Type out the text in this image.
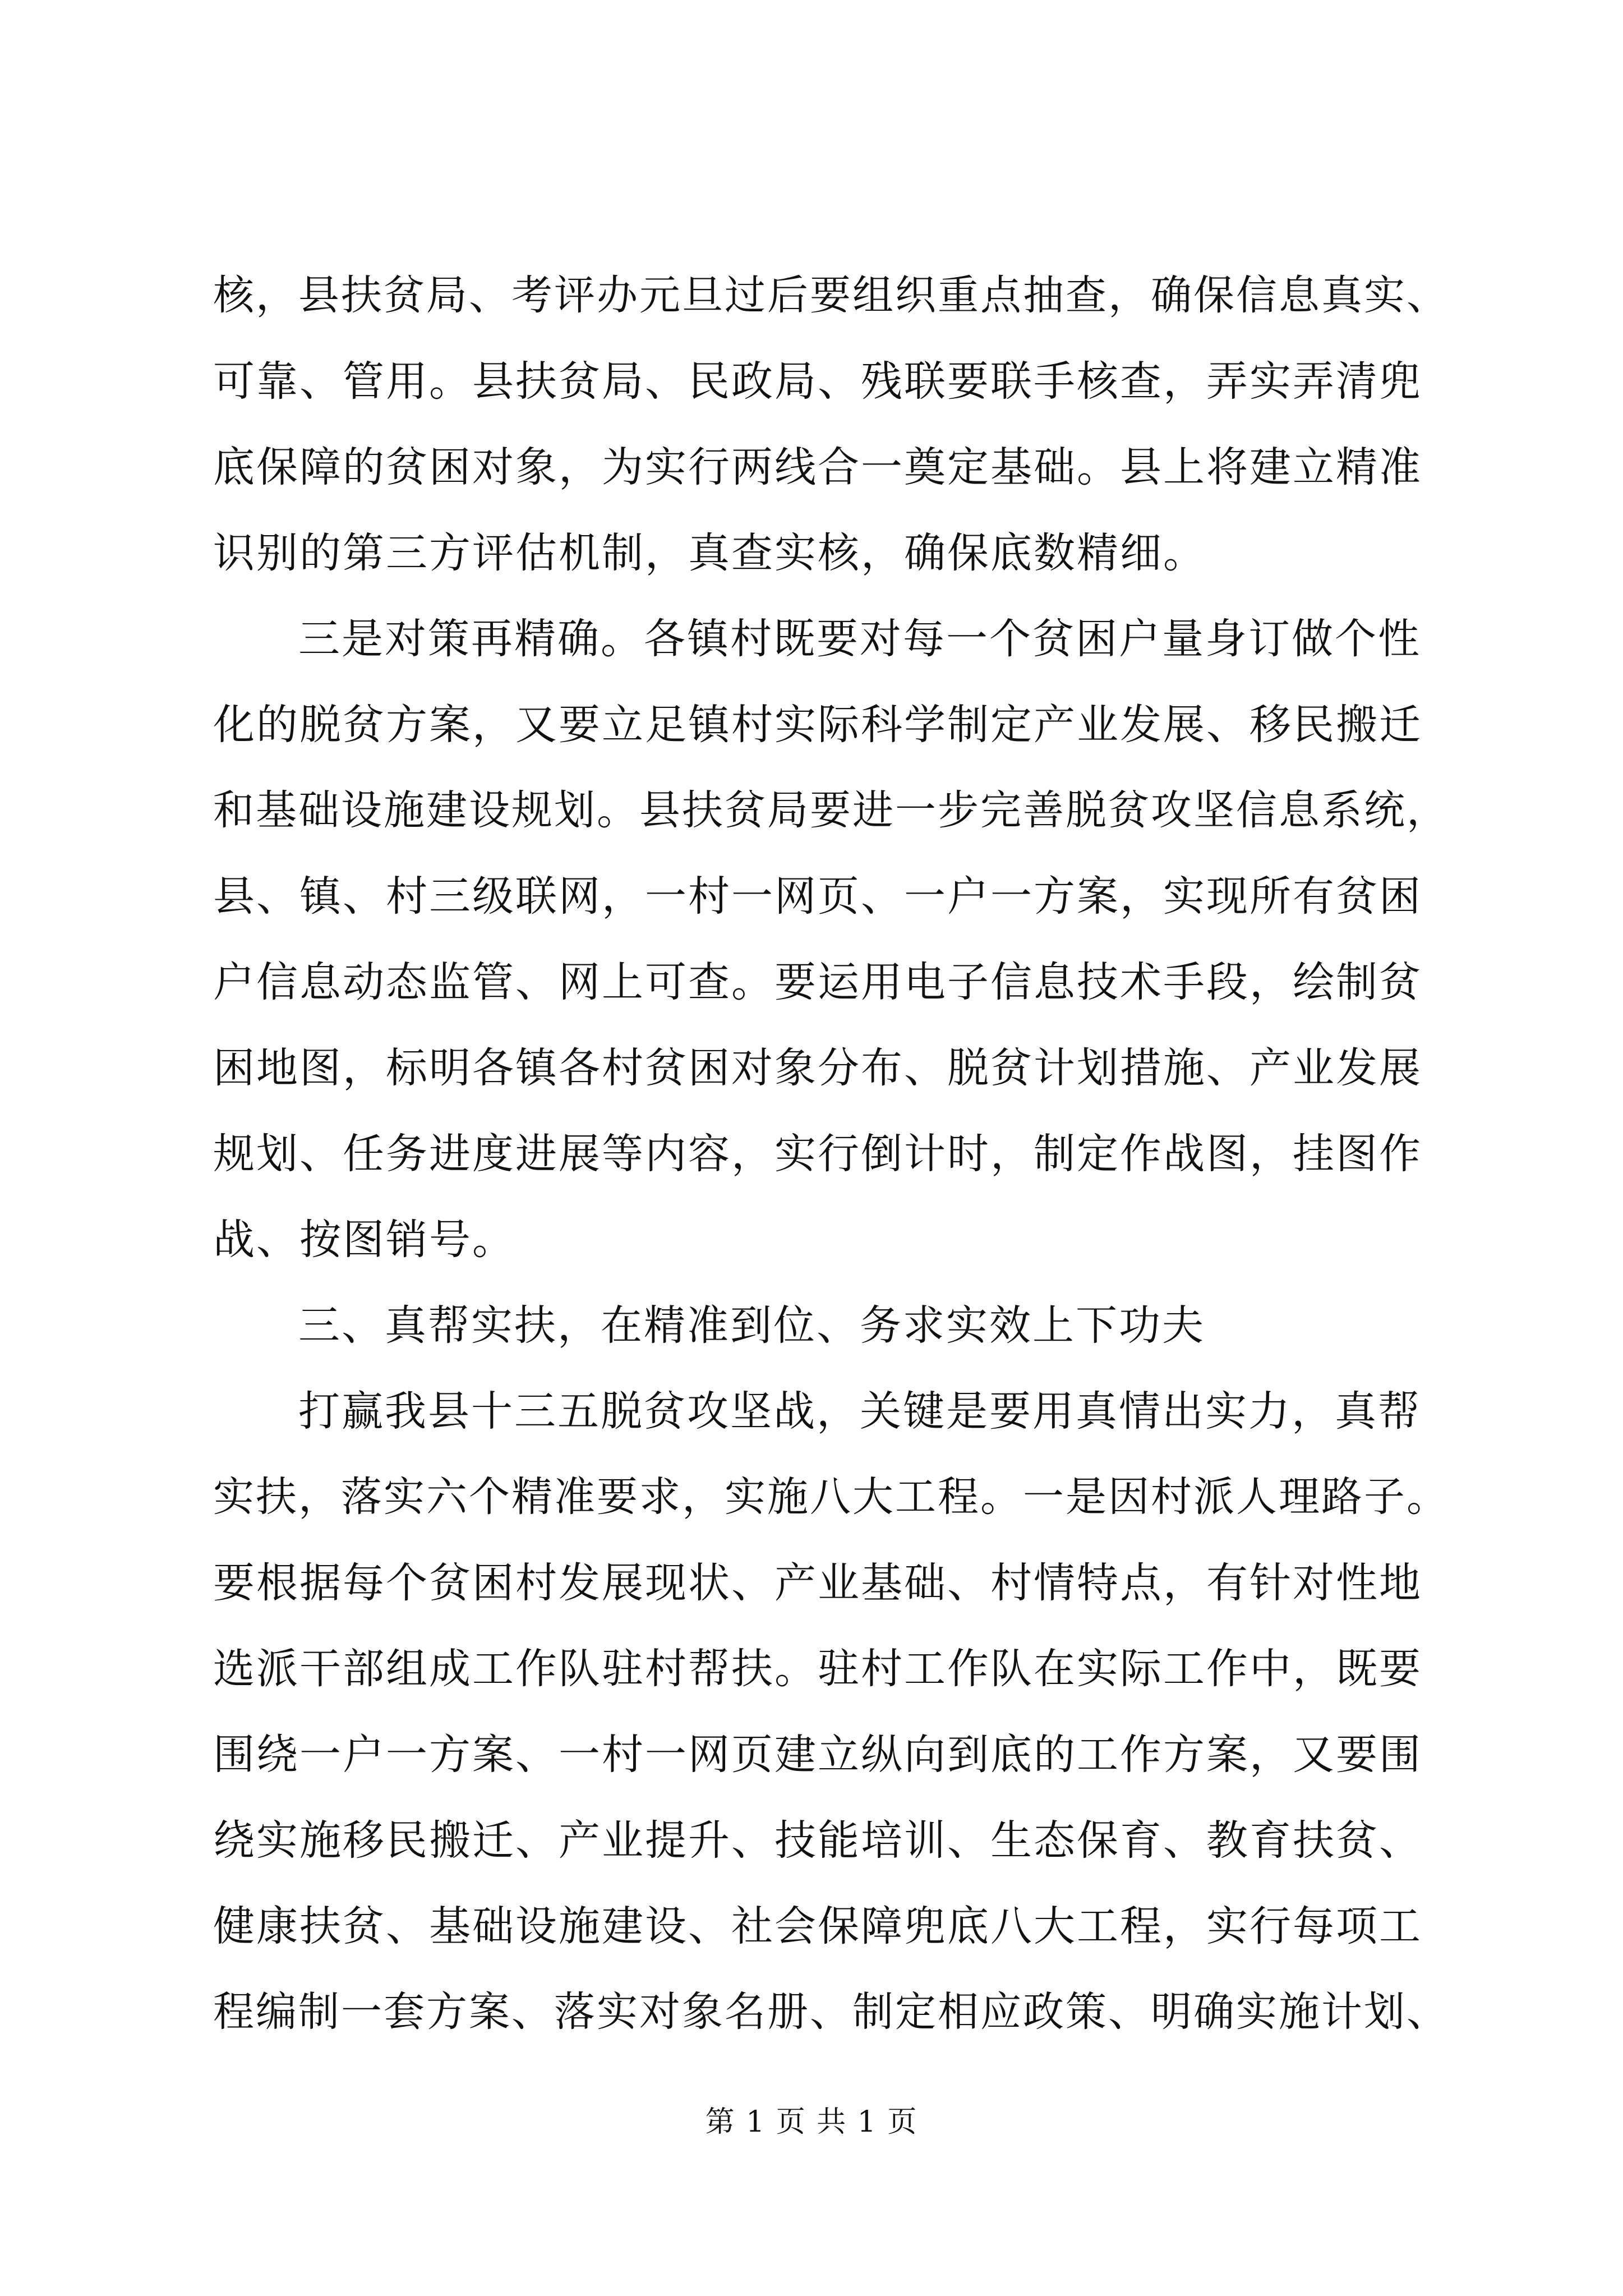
核，县扶贫局、考评办元旦过后要组织重点抽查，确保信息真实、
可靠、管用。县扶贫局、民政局、残联要联手核查，弄实弄清兜
底保障的贫困对象，为实行两线合一奠定基础。县上将建立精准
识别的第三方评估机制，真查实核，确保底数精细。
三是对策再精确。各镇村既要对每一个贫困户量身订做个性
化的脱贫方案，又要立足镇村实际科学制定产业发展、移民搬迁
和基础设施建设规划。县扶贫局要进一步完善脱贫攻坚信息系统，
县、镇、村三级联网，一村一网页、一户一方案，实现所有贫困
户信息动态监管、网上可查。要运用电子信息技术手段，绘制贫
困地图，标明各镇各村贫困对象分布、脱贫计划措施、产业发展
规划、任务进度进展等内容，实行倒计时，制定作战图，挂图作
战、按图销号。
三、真帮实扶，在精准到位、务求实效上下功夫
打赢我县十三五脱贫攻坚战，关键是要用真情出实力，真帮
实扶，落实六个精准要求，实施八大工程。一是因村派人理路子。
要根据每个贫困村发展现状、产业基础、村情特点，有针对性地
选派干部组成工作队驻村帮扶。驻村工作队在实际工作中，既要
围绕一户一方案、一村一网页建立纵向到底的工作方案，又要围
绕实施移民搬迁、产业提升、技能培训、生态保育、教育扶贫、
健康扶贫、基础设施建设、社会保障兜底八大工程，实行每项工
程编制一套方案、落实对象名册、制定相应政策、明确实施计划、
第 1 页 共 1 页
